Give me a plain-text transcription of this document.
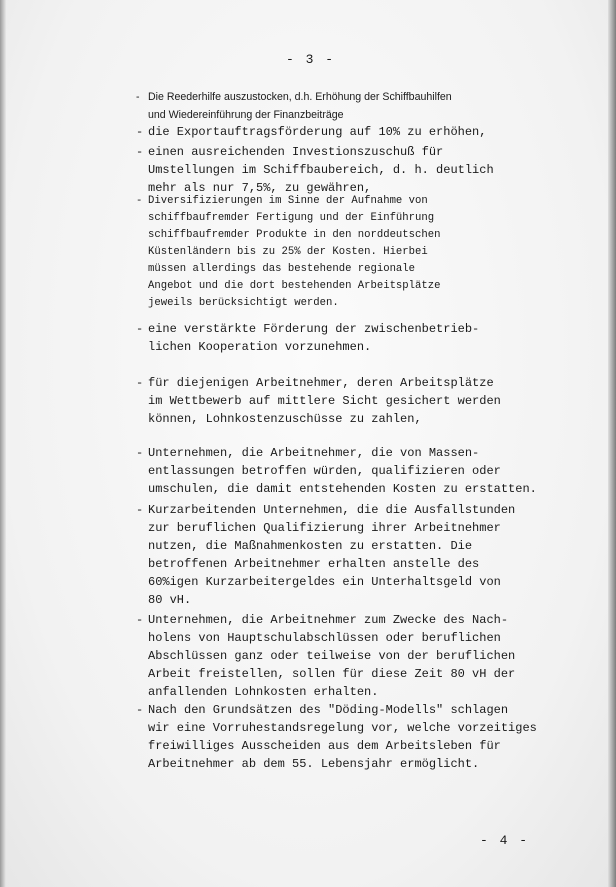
- 3 -
- Die Reederhilfe auszustocken, d.h. Erhöhung der Schiffbauhilfen
und Wiedereinführung der Finanzbeiträge
- die Exportauftragsförderung auf 10% zu erhöhen,
- einen ausreichenden Investionszuschuß für
Umstellungen im Schiffbaubereich, d. h. deutlich
mehr als nur 7,5%, zu gewähren,
- Diversifizierungen im Sinne der Aufnahme von
schiffbaufremder Fertigung und der Einführung
schiffbaufremder Produkte in den norddeutschen
Küstenländern bis zu 25% der Kosten. Hierbei
müssen allerdings das bestehende regionale
Angebot und die dort bestehenden Arbeitsplätze
jeweils berücksichtigt werden.
- eine verstärkte Förderung der zwischenbetrieb-
lichen Kooperation vorzunehmen.
- für diejenigen Arbeitnehmer, deren Arbeitsplätze
im Wettbewerb auf mittlere Sicht gesichert werden
können, Lohnkostenzuschüsse zu zahlen,
- Unternehmen, die Arbeitnehmer, die von Massen-
entlassungen betroffen würden, qualifizieren oder
umschulen, die damit entstehenden Kosten zu erstatten.
- Kurzarbeitenden Unternehmen, die die Ausfallstunden
zur beruflichen Qualifizierung ihrer Arbeitnehmer
nutzen, die Maßnahmenkosten zu erstatten. Die
betroffenen Arbeitnehmer erhalten anstelle des
60%igen Kurzarbeitergeldes ein Unterhaltsgeld von
80 vH.
- Unternehmen, die Arbeitnehmer zum Zwecke des Nach-
holens von Hauptschulabschlüssen oder beruflichen
Abschlüssen ganz oder teilweise von der beruflichen
Arbeit freistellen, sollen für diese Zeit 80 vH der
anfallenden Lohnkosten erhalten.
- Nach den Grundsätzen des "Döding-Modells" schlagen
wir eine Vorruhestandsregelung vor, welche vorzeitiges
freiwilliges Ausscheiden aus dem Arbeitsleben für
Arbeitnehmer ab dem 55. Lebensjahr ermöglicht.
- 4 -
